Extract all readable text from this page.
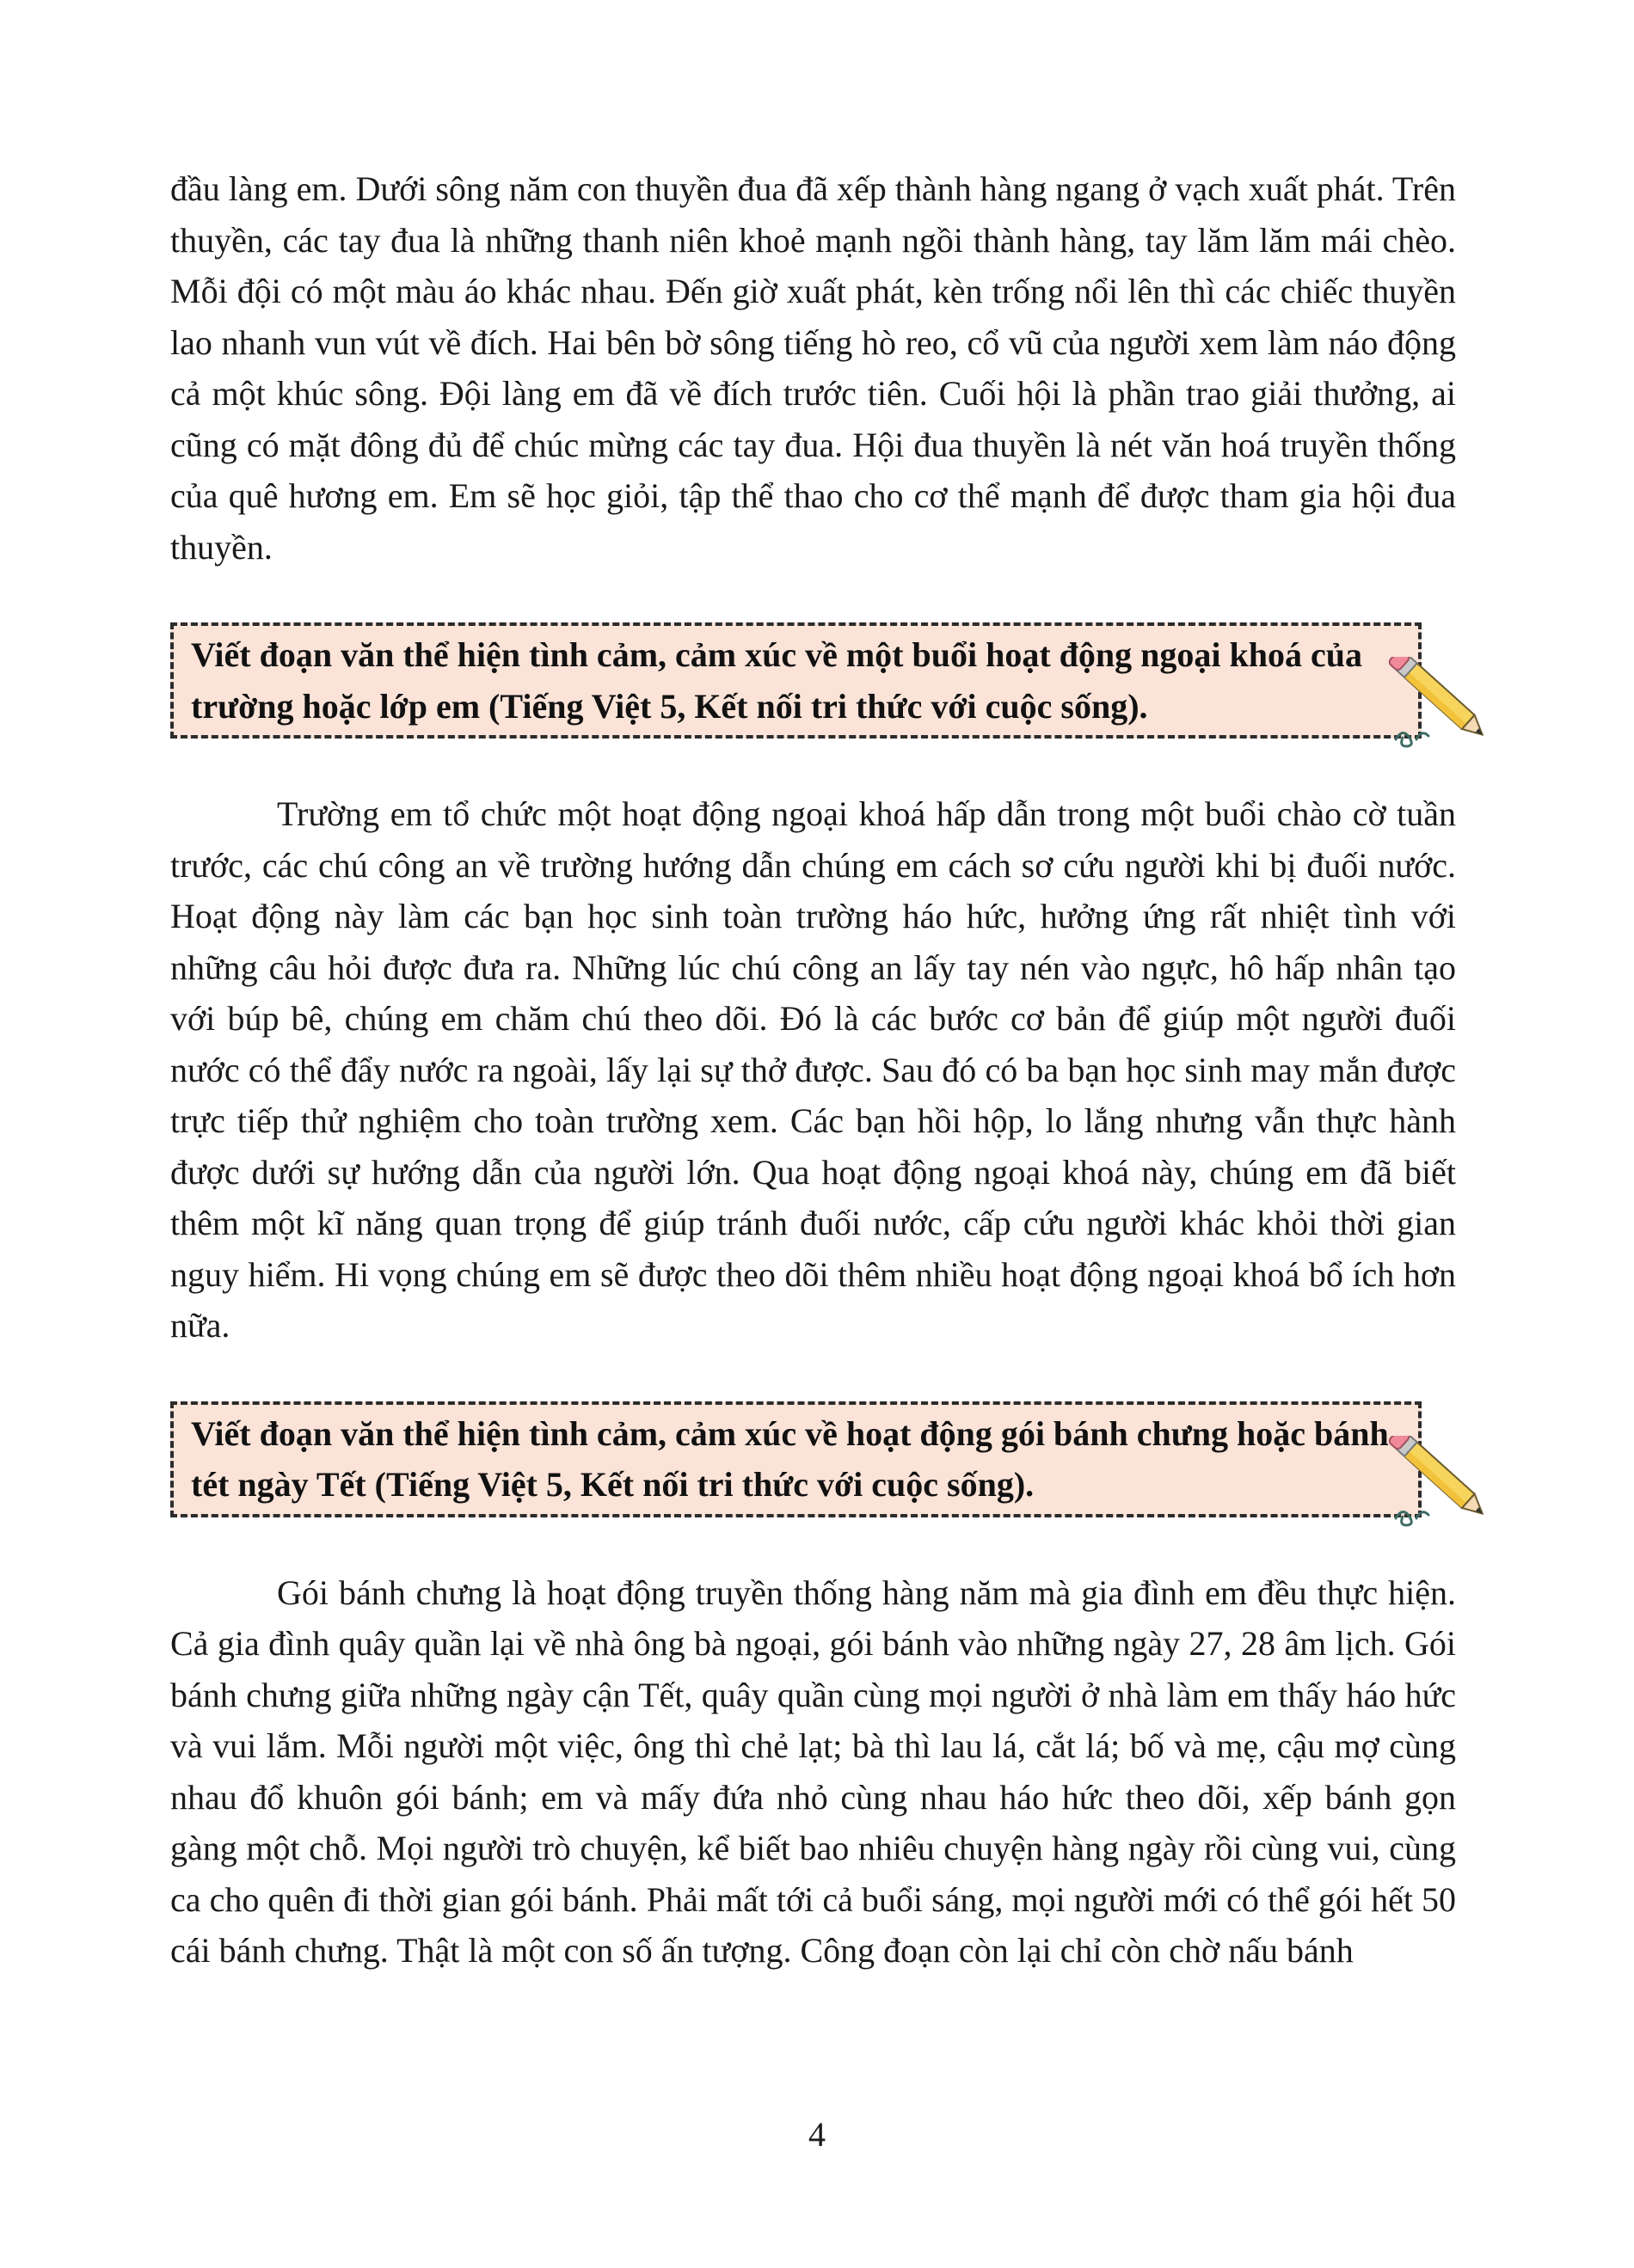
đầu làng em. Dưới sông năm con thuyền đua đã xếp thành hàng ngang ở vạch xuất phát. Trên thuyền, các tay đua là những thanh niên khoẻ mạnh ngồi thành hàng, tay lăm lăm mái chèo. Mỗi đội có một màu áo khác nhau. Đến giờ xuất phát, kèn trống nổi lên thì các chiếc thuyền lao nhanh vun vút về đích. Hai bên bờ sông tiếng hò reo, cổ vũ của người xem làm náo động cả một khúc sông. Đội làng em đã về đích trước tiên. Cuối hội là phần trao giải thưởng, ai cũng có mặt đông đủ để chúc mừng các tay đua. Hội đua thuyền là nét văn hoá truyền thống của quê hương em. Em sẽ học giỏi, tập thể thao cho cơ thể mạnh để được tham gia hội đua thuyền.

Viết đoạn văn thể hiện tình cảm, cảm xúc về một buổi hoạt động ngoại khoá của trường hoặc lớp em (Tiếng Việt 5, Kết nối tri thức với cuộc sống).

Trường em tổ chức một hoạt động ngoại khoá hấp dẫn trong một buổi chào cờ tuần trước, các chú công an về trường hướng dẫn chúng em cách sơ cứu người khi bị đuối nước. Hoạt động này làm các bạn học sinh toàn trường háo hức, hưởng ứng rất nhiệt tình với những câu hỏi được đưa ra. Những lúc chú công an lấy tay nén vào ngực, hô hấp nhân tạo với búp bê, chúng em chăm chú theo dõi. Đó là các bước cơ bản để giúp một người đuối nước có thể đẩy nước ra ngoài, lấy lại sự thở được. Sau đó có ba bạn học sinh may mắn được trực tiếp thử nghiệm cho toàn trường xem. Các bạn hồi hộp, lo lắng nhưng vẫn thực hành được dưới sự hướng dẫn của người lớn. Qua hoạt động ngoại khoá này, chúng em đã biết thêm một kĩ năng quan trọng để giúp tránh đuối nước, cấp cứu người khác khỏi thời gian nguy hiểm. Hi vọng chúng em sẽ được theo dõi thêm nhiều hoạt động ngoại khoá bổ ích hơn nữa.

Viết đoạn văn thể hiện tình cảm, cảm xúc về hoạt động gói bánh chưng hoặc bánh tét ngày Tết (Tiếng Việt 5, Kết nối tri thức với cuộc sống).

Gói bánh chưng là hoạt động truyền thống hàng năm mà gia đình em đều thực hiện. Cả gia đình quây quần lại về nhà ông bà ngoại, gói bánh vào những ngày 27, 28 âm lịch. Gói bánh chưng giữa những ngày cận Tết, quây quần cùng mọi người ở nhà làm em thấy háo hức và vui lắm. Mỗi người một việc, ông thì chẻ lạt; bà thì lau lá, cắt lá; bố và mẹ, cậu mợ cùng nhau đổ khuôn gói bánh; em và mấy đứa nhỏ cùng nhau háo hức theo dõi, xếp bánh gọn gàng một chỗ. Mọi người trò chuyện, kể biết bao nhiêu chuyện hàng ngày rồi cùng vui, cùng ca cho quên đi thời gian gói bánh. Phải mất tới cả buổi sáng, mọi người mới có thể gói hết 50 cái bánh chưng. Thật là một con số ấn tượng. Công đoạn còn lại chỉ còn chờ nấu bánh

4
